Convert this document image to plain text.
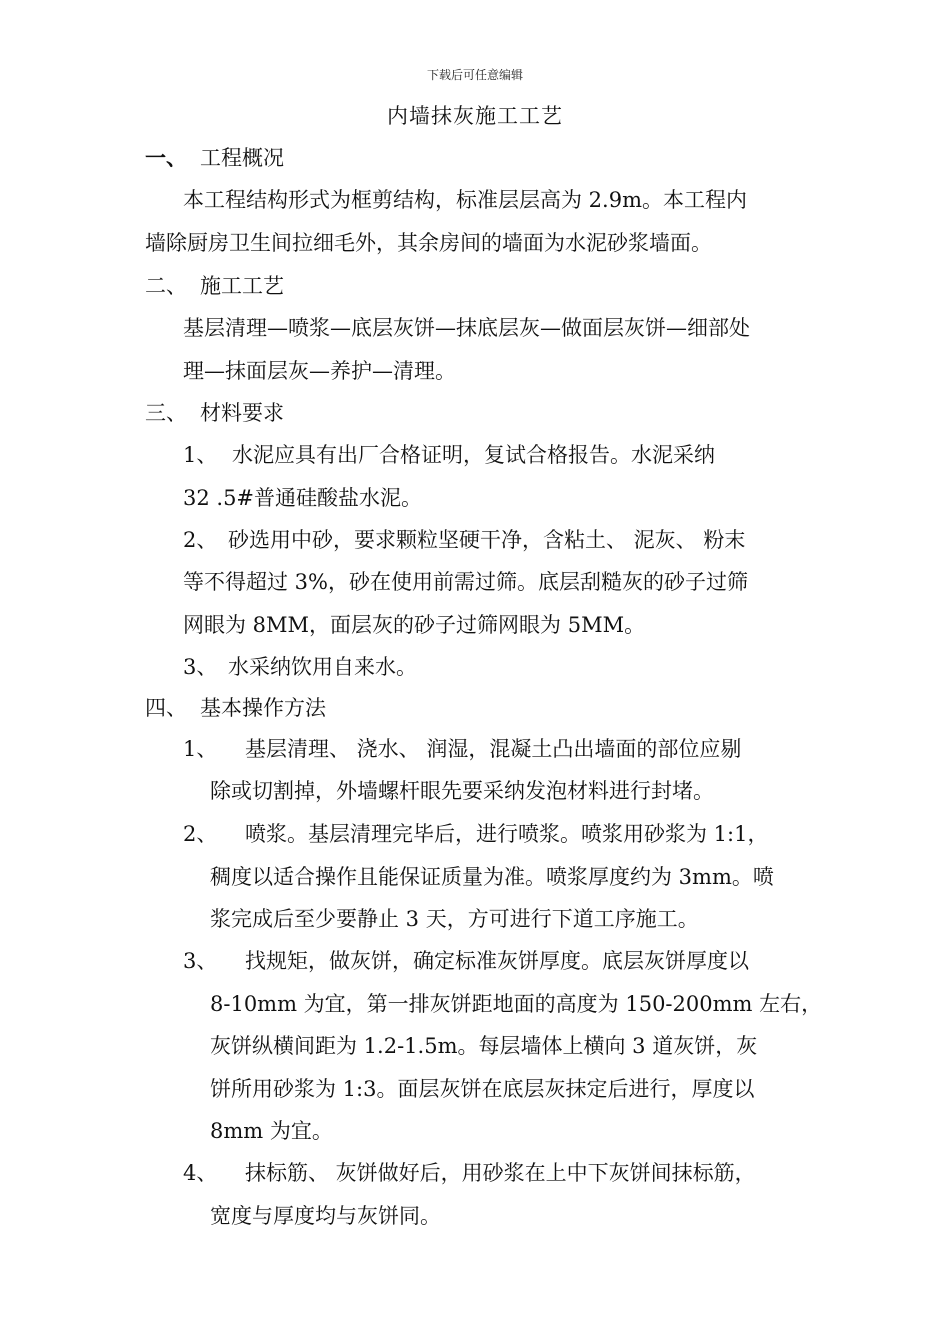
下载后可任意编辑
内墙抹灰施工工艺
一、 工程概况
本工程结构形式为框剪结构，标准层层高为 2.9m。本工程内
墙除厨房卫生间拉细毛外，其余房间的墙面为水泥砂浆墙面。
二、 施工工艺
基层清理—喷浆—底层灰饼—抹底层灰—做面层灰饼—细部处
理—抹面层灰—养护—清理。
三、 材料要求
1、 水泥应具有出厂合格证明，复试合格报告。水泥采纳
32 .5#普通硅酸盐水泥。
2、 砂选用中砂，要求颗粒坚硬干净，含粘土、 泥灰、 粉末
等不得超过 3%，砂在使用前需过筛。底层刮糙灰的砂子过筛
网眼为 8MM，面层灰的砂子过筛网眼为 5MM。
3、 水采纳饮用自来水。
四、 基本操作方法
1、 基层清理、 浇水、 润湿，混凝土凸出墙面的部位应剔
除或切割掉，外墙螺杆眼先要采纳发泡材料进行封堵。
2、 喷浆。基层清理完毕后，进行喷浆。喷浆用砂浆为 1:1，
稠度以适合操作且能保证质量为准。喷浆厚度约为 3mm。喷
浆完成后至少要静止 3 天，方可进行下道工序施工。
3、 找规矩，做灰饼，确定标准灰饼厚度。底层灰饼厚度以
8-10mm 为宜，第一排灰饼距地面的高度为 150-200mm 左右，
灰饼纵横间距为 1.2-1.5m。每层墙体上横向 3 道灰饼，灰
饼所用砂浆为 1:3。面层灰饼在底层灰抹定后进行，厚度以
8mm 为宜。
4、 抹标筋、 灰饼做好后，用砂浆在上中下灰饼间抹标筋，
宽度与厚度均与灰饼同。
